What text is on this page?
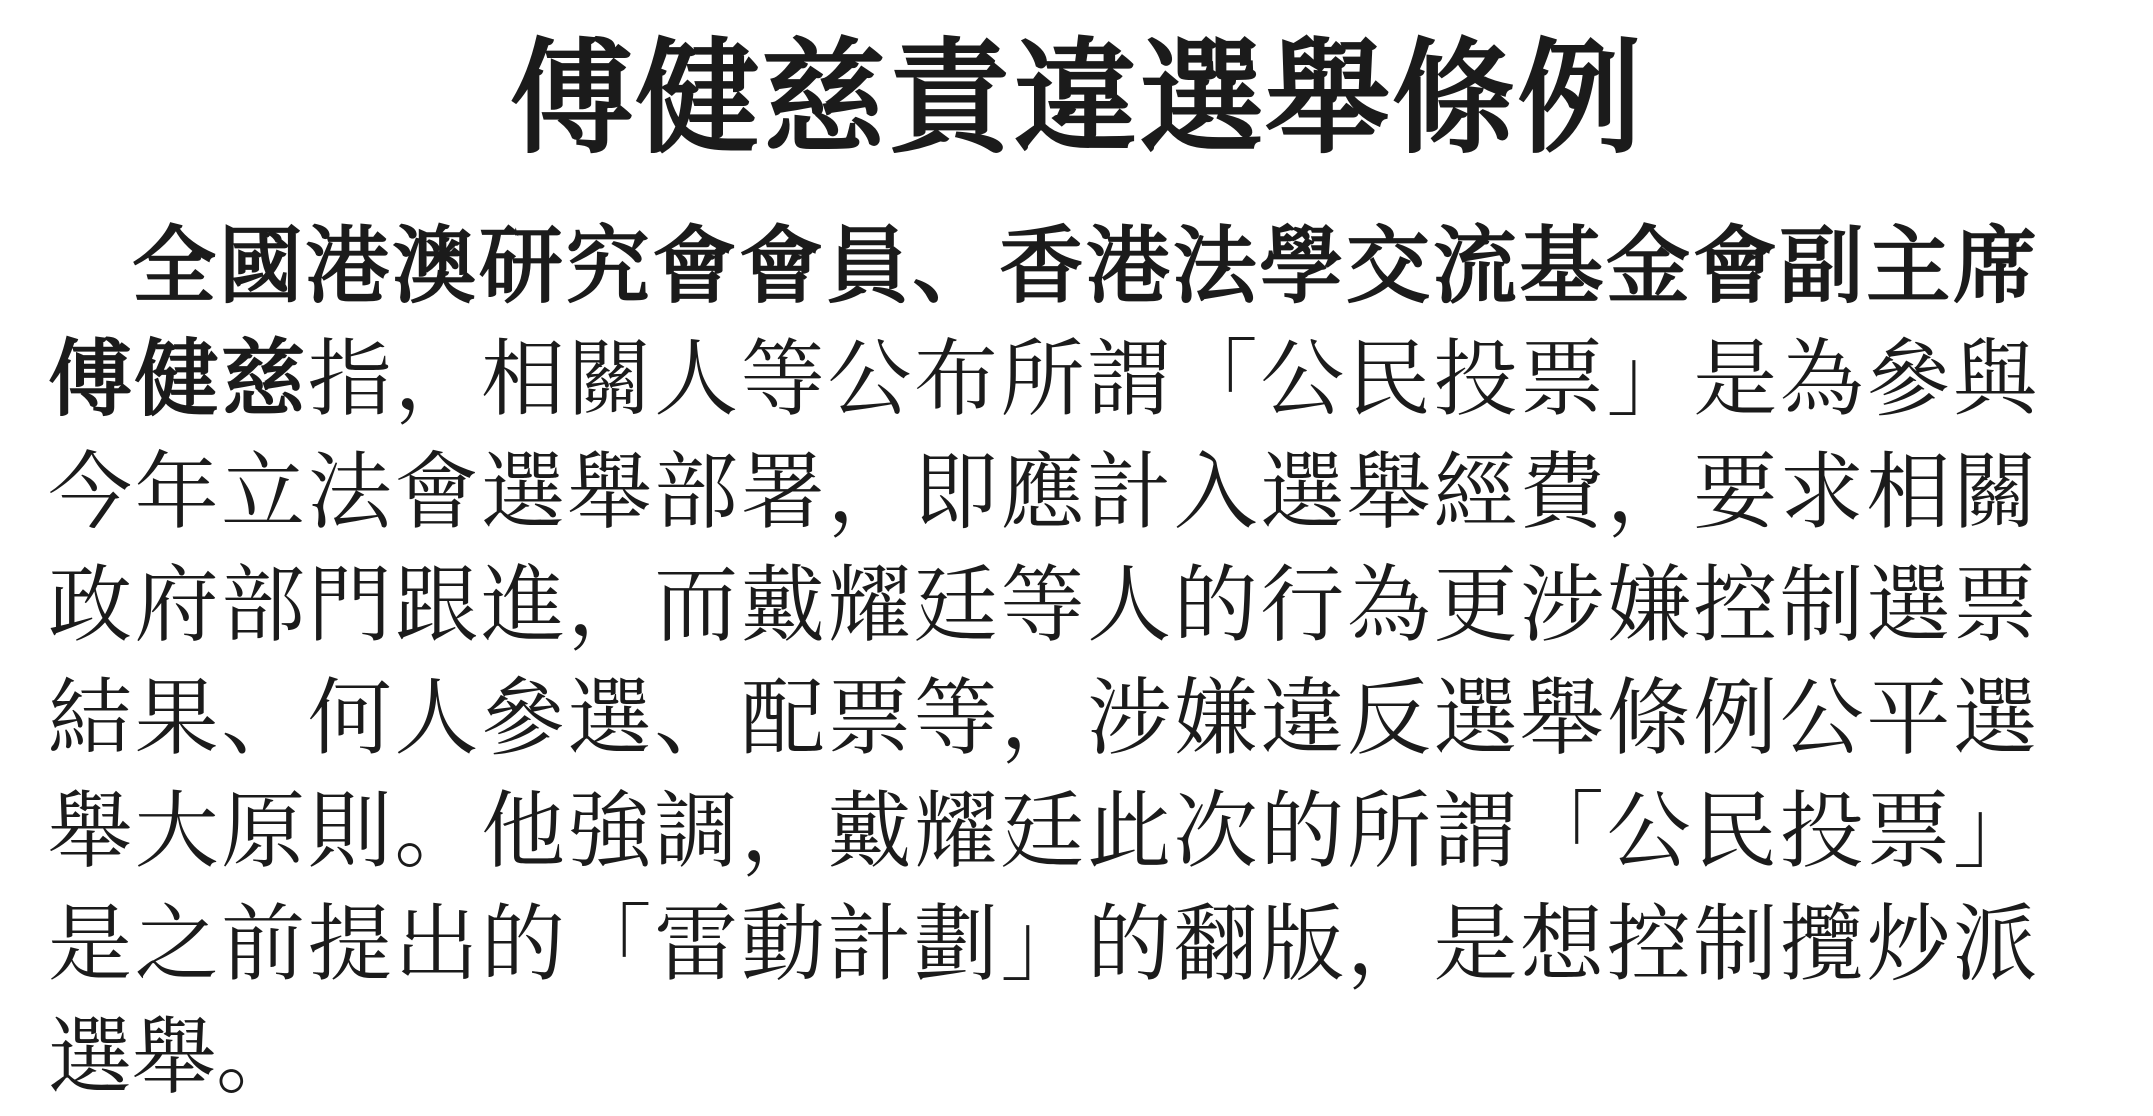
傅健慈責違選舉條例

全國港澳研究會會員、香港法學交流基金會副主席傅健慈指，相關人等公布所謂「公民投票」是為參與今年立法會選舉部署，即應計入選舉經費，要求相關政府部門跟進，而戴耀廷等人的行為更涉嫌控制選票結果、何人參選、配票等，涉嫌違反選舉條例公平選舉大原則。他強調，戴耀廷此次的所謂「公民投票」是之前提出的「雷動計劃」的翻版，是想控制攬炒派選舉。
